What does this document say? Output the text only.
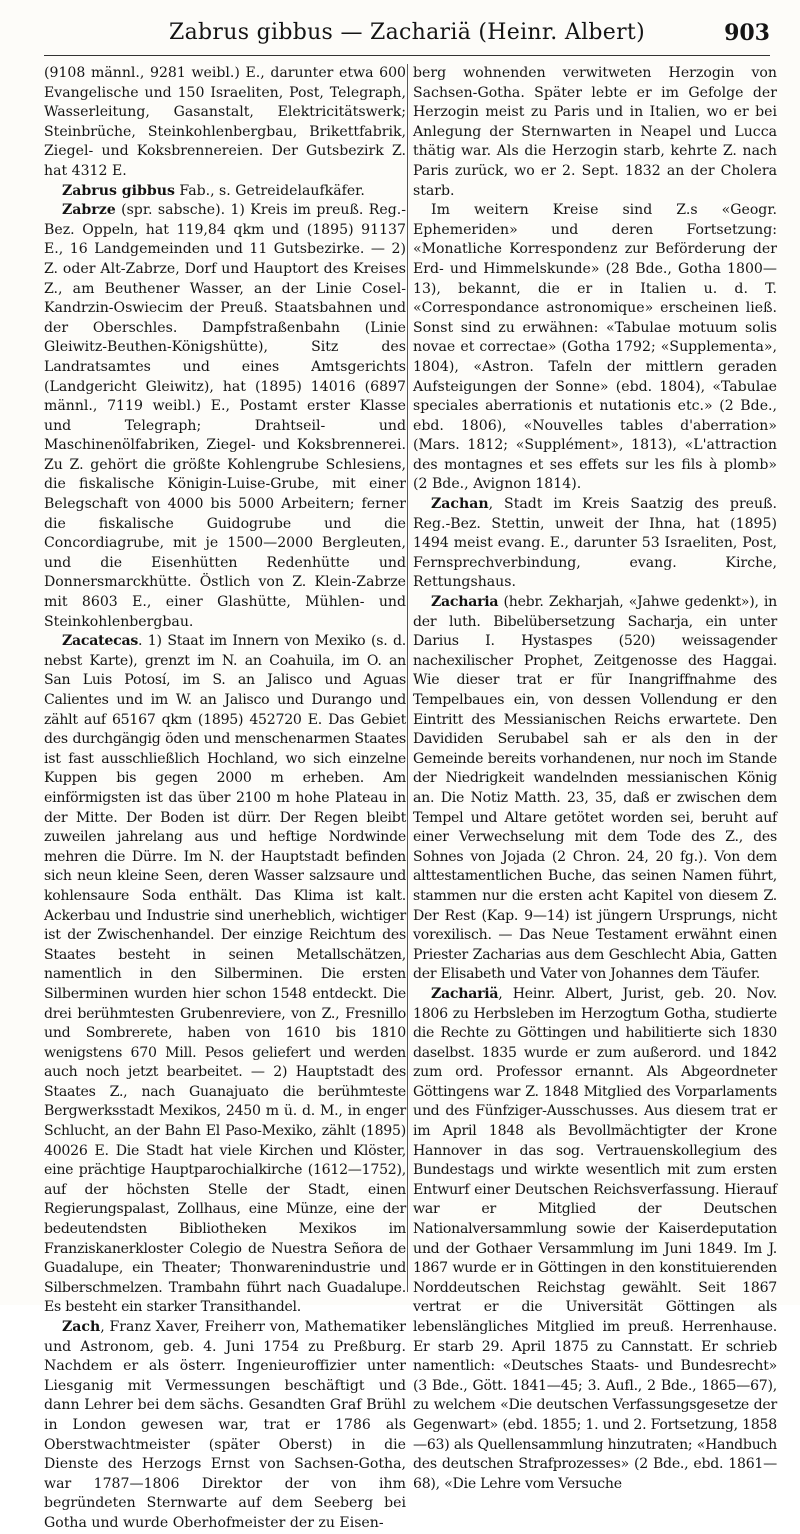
Zabrus gibbus — Zachariä (Heinr. Albert)	903

(9108 männl., 9281 weibl.) E., darunter etwa 600 Evangelische und 150 Israeliten, Post, Telegraph, Wasserleitung, Gasanstalt, Elektricitätswerk; Steinbrüche, Steinkohlenbergbau, Brikettfabrik, Ziegel- und Koksbrennereien. Der Gutsbezirk Z. hat 4312 E.

Zabrus gibbus Fab., s. Getreidelaufkäfer.

Zabrze (spr. sabsche). 1) Kreis im preuß. Reg.-Bez. Oppeln, hat 119,84 qkm und (1895) 91137 E., 16 Landgemeinden und 11 Gutsbezirke. — 2) Z. oder Alt-Zabrze, Dorf und Hauptort des Kreises Z., am Beuthener Wasser, an der Linie Cosel-Kandrzin-Oswiecim der Preuß. Staatsbahnen und der Oberschles. Dampfstraßenbahn (Linie Gleiwitz-Beuthen-Königshütte), Sitz des Landratsamtes und eines Amtsgerichts (Landgericht Gleiwitz), hat (1895) 14016 (6897 männl., 7119 weibl.) E., Postamt erster Klasse und Telegraph; Drahtseil- und Maschinenölfabriken, Ziegel- und Koksbrennerei. Zu Z. gehört die größte Kohlengrube Schlesiens, die fiskalische Königin-Luise-Grube, mit einer Belegschaft von 4000 bis 5000 Arbeitern; ferner die fiskalische Guidogrube und die Concordiagrube, mit je 1500—2000 Bergleuten, und die Eisenhütten Redenhütte und Donnersmarckhütte. Östlich von Z. Klein-Zabrze mit 8603 E., einer Glashütte, Mühlen- und Steinkohlenbergbau.

Zacatecas. 1) Staat im Innern von Mexiko (s. d. nebst Karte), grenzt im N. an Coahuila, im O. an San Luis Potosí, im S. an Jalisco und Aguas Calientes und im W. an Jalisco und Durango und zählt auf 65167 qkm (1895) 452720 E. Das Gebiet des durchgängig öden und menschenarmen Staates ist fast ausschließlich Hochland, wo sich einzelne Kuppen bis gegen 2000 m erheben. Am einförmigsten ist das über 2100 m hohe Plateau in der Mitte. Der Boden ist dürr. Der Regen bleibt zuweilen jahrelang aus und heftige Nordwinde mehren die Dürre. Im N. der Hauptstadt befinden sich neun kleine Seen, deren Wasser salzsaure und kohlensaure Soda enthält. Das Klima ist kalt. Ackerbau und Industrie sind unerheblich, wichtiger ist der Zwischenhandel. Der einzige Reichtum des Staates besteht in seinen Metallschätzen, namentlich in den Silberminen. Die ersten Silberminen wurden hier schon 1548 entdeckt. Die drei berühmtesten Grubenreviere, von Z., Fresnillo und Sombrerete, haben von 1610 bis 1810 wenigstens 670 Mill. Pesos geliefert und werden auch noch jetzt bearbeitet. — 2) Hauptstadt des Staates Z., nach Guanajuato die berühmteste Bergwerksstadt Mexikos, 2450 m ü. d. M., in enger Schlucht, an der Bahn El Paso-Mexiko, zählt (1895) 40026 E. Die Stadt hat viele Kirchen und Klöster, eine prächtige Hauptparochialkirche (1612—1752), auf der höchsten Stelle der Stadt, einen Regierungspalast, Zollhaus, eine Münze, eine der bedeutendsten Bibliotheken Mexikos im Franziskanerkloster Colegio de Nuestra Señora de Guadalupe, ein Theater; Thonwarenindustrie und Silberschmelzen. Trambahn führt nach Guadalupe. Es besteht ein starker Transithandel.

Zach, Franz Xaver, Freiherr von, Mathematiker und Astronom, geb. 4. Juni 1754 zu Preßburg. Nachdem er als österr. Ingenieuroffizier unter Liesganig mit Vermessungen beschäftigt und dann Lehrer bei dem sächs. Gesandten Graf Brühl in London gewesen war, trat er 1786 als Oberstwachtmeister (später Oberst) in die Dienste des Herzogs Ernst von Sachsen-Gotha, war 1787—1806 Direktor der von ihm begründeten Sternwarte auf dem Seeberg bei Gotha und wurde Oberhofmeister der zu Eisen-

berg wohnenden verwitweten Herzogin von Sachsen-Gotha. Später lebte er im Gefolge der Herzogin meist zu Paris und in Italien, wo er bei Anlegung der Sternwarten in Neapel und Lucca thätig war. Als die Herzogin starb, kehrte Z. nach Paris zurück, wo er 2. Sept. 1832 an der Cholera starb.

Im weitern Kreise sind Z.s «Geogr. Ephemeriden» und deren Fortsetzung: «Monatliche Korrespondenz zur Beförderung der Erd- und Himmelskunde» (28 Bde., Gotha 1800—13), bekannt, die er in Italien u. d. T. «Correspondance astronomique» erscheinen ließ. Sonst sind zu erwähnen: «Tabulae motuum solis novae et correctae» (Gotha 1792; «Supplementa», 1804), «Astron. Tafeln der mittlern geraden Aufsteigungen der Sonne» (ebd. 1804), «Tabulae speciales aberrationis et nutationis etc.» (2 Bde., ebd. 1806), «Nouvelles tables d'aberration» (Mars. 1812; «Supplément», 1813), «L'attraction des montagnes et ses effets sur les fils à plomb» (2 Bde., Avignon 1814).

Zachan, Stadt im Kreis Saatzig des preuß. Reg.-Bez. Stettin, unweit der Ihna, hat (1895) 1494 meist evang. E., darunter 53 Israeliten, Post, Fernsprechverbindung, evang. Kirche, Rettungshaus.

Zacharia (hebr. Zekharjah, «Jahwe gedenkt»), in der luth. Bibelübersetzung Sacharja, ein unter Darius I. Hystaspes (520) weissagender nachexilischer Prophet, Zeitgenosse des Haggai. Wie dieser trat er für Inangriffnahme des Tempelbaues ein, von dessen Vollendung er den Eintritt des Messianischen Reichs erwartete. Den Davididen Serubabel sah er als den in der Gemeinde bereits vorhandenen, nur noch im Stande der Niedrigkeit wandelnden messianischen König an. Die Notiz Matth. 23, 35, daß er zwischen dem Tempel und Altare getötet worden sei, beruht auf einer Verwechselung mit dem Tode des Z., des Sohnes von Jojada (2 Chron. 24, 20 fg.). Von dem alttestamentlichen Buche, das seinen Namen führt, stammen nur die ersten acht Kapitel von diesem Z. Der Rest (Kap. 9—14) ist jüngern Ursprungs, nicht vorexilisch. — Das Neue Testament erwähnt einen Priester Zacharias aus dem Geschlecht Abia, Gatten der Elisabeth und Vater von Johannes dem Täufer.

Zachariä, Heinr. Albert, Jurist, geb. 20. Nov. 1806 zu Herbsleben im Herzogtum Gotha, studierte die Rechte zu Göttingen und habilitierte sich 1830 daselbst. 1835 wurde er zum außerord. und 1842 zum ord. Professor ernannt. Als Abgeordneter Göttingens war Z. 1848 Mitglied des Vorparlaments und des Fünfziger-Ausschusses. Aus diesem trat er im April 1848 als Bevollmächtigter der Krone Hannover in das sog. Vertrauenskollegium des Bundestags und wirkte wesentlich mit zum ersten Entwurf einer Deutschen Reichsverfassung. Hierauf war er Mitglied der Deutschen Nationalversammlung sowie der Kaiserdeputation und der Gothaer Versammlung im Juni 1849. Im J. 1867 wurde er in Göttingen in den konstituierenden Norddeutschen Reichstag gewählt. Seit 1867 vertrat er die Universität Göttingen als lebenslängliches Mitglied im preuß. Herrenhause. Er starb 29. April 1875 zu Cannstatt. Er schrieb namentlich: «Deutsches Staats- und Bundesrecht» (3 Bde., Gött. 1841—45; 3. Aufl., 2 Bde., 1865—67), zu welchem «Die deutschen Verfassungsgesetze der Gegenwart» (ebd. 1855; 1. und 2. Fortsetzung, 1858—63) als Quellensammlung hinzutraten; «Handbuch des deutschen Strafprozesses» (2 Bde., ebd. 1861—68), «Die Lehre vom Versuche
